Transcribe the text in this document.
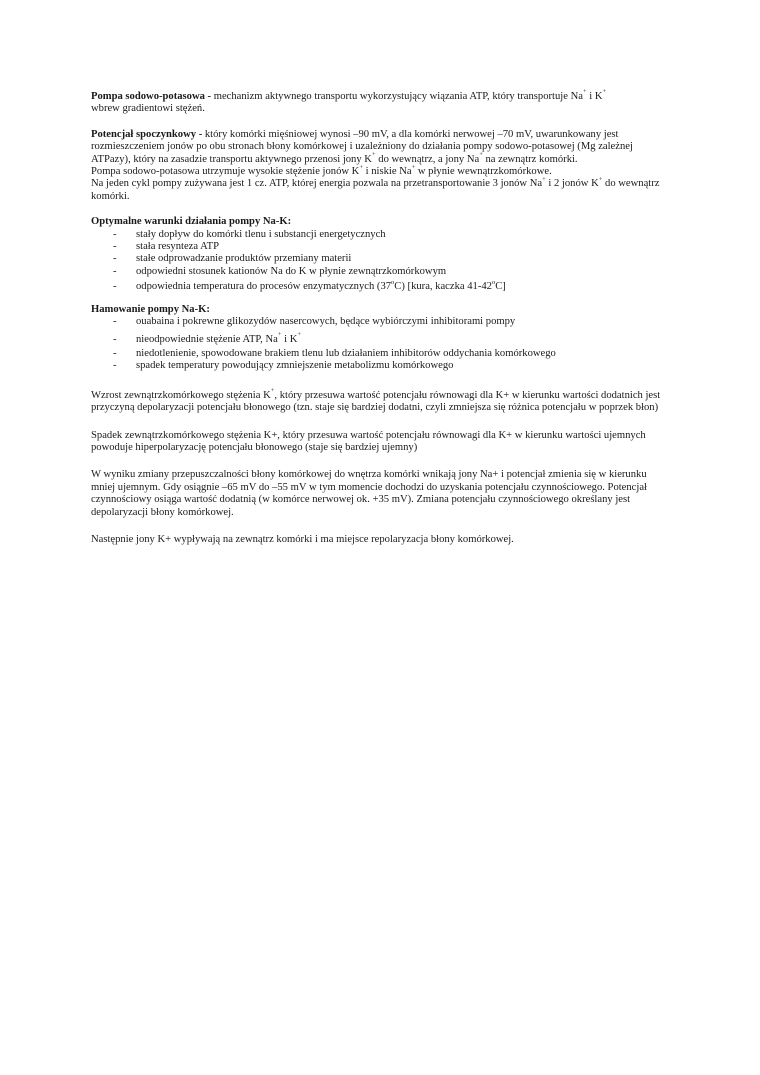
Pompa sodowo-potasowa - mechanizm aktywnego transportu wykorzystujący wiązania ATP, który transportuje Na+ i K+
wbrew gradientowi stężeń.

Potencjał spoczynkowy - który komórki mięśniowej wynosi –90 mV, a dla komórki nerwowej –70 mV, uwarunkowany jest rozmieszczeniem jonów po obu stronach błony komórkowej i uzależniony do działania pompy sodowo-potasowej (Mg zależnej ATPazy), który na zasadzie transportu aktywnego przenosi jony K+ do wewnątrz, a jony Na+ na zewnątrz komórki.
Pompa sodowo-potasowa utrzymuje wysokie stężenie jonów K+ i niskie Na+ w płynie wewnątrzkomórkowe.
Na jeden cykl pompy zużywana jest 1 cz. ATP, której energia pozwala na przetransportowanie 3 jonów Na+ i 2 jonów K+ do wewnątrz komórki.

Optymalne warunki działania pompy Na-K:

- stały dopływ do komórki tlenu i substancji energetycznych
- stała resynteza ATP
- stałe odprowadzanie produktów przemiany materii
- odpowiedni stosunek kationów Na do K w płynie zewnątrzkomórkowym
- odpowiednia temperatura do procesów enzymatycznych (37$^o$C) [kura, kaczka 41-42$^o$C]

Hamowanie pompy Na-K:

- ouabaina i pokrewne glikozydów nasercowych, będące wybiórczymi inhibitorami pompy
- nieodpowiednie stężenie ATP, Na+ i K+
- niedotlenienie, spowodowane brakiem tlenu lub działaniem inhibitorów oddychania komórkowego
- spadek temperatury powodujący zmniejszenie metabolizmu komórkowego

Wzrost zewnątrzkomórkowego stężenia K+, który przesuwa wartość potencjału równowagi dla K+ w kierunku wartości dodatnich jest przyczyną depolaryzacji potencjału błonowego (tzn. staje się bardziej dodatni, czyli zmniejsza się różnica potencjału w poprzek błon)

Spadek zewnątrzkomórkowego stężenia K+, który przesuwa wartość potencjału równowagi dla K+ w kierunku wartości ujemnych powoduje hiperpolaryzację potencjału błonowego (staje się bardziej ujemny)

W wyniku zmiany przepuszczalności błony komórkowej do wnętrza komórki wnikają jony Na+ i potencjał zmienia się w kierunku mniej ujemnym. Gdy osiągnie –65 mV do –55 mV w tym momencie dochodzi do uzyskania potencjału czynnościowego. Potencjał czynnościowy osiąga wartość dodatnią (w komórce nerwowej ok. +35 mV). Zmiana potencjału czynnościowego określany jest depolaryzacji błony komórkowej.

Następnie jony K+ wypływają na zewnątrz komórki i ma miejsce repolaryzacja błony komórkowej.
